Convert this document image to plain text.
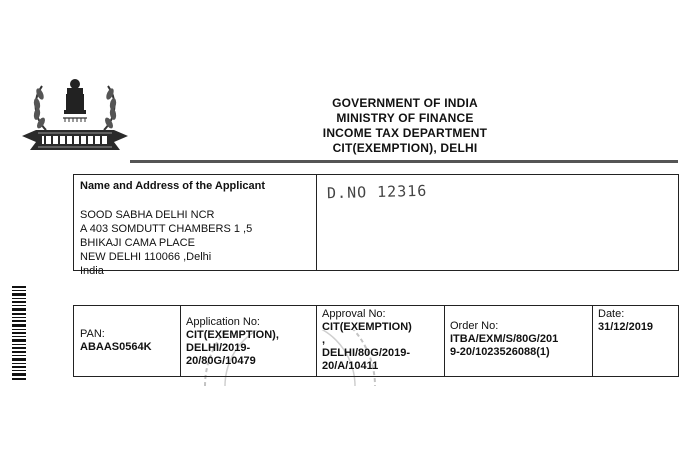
GOVERNMENT OF INDIA
MINISTRY OF FINANCE
INCOME TAX DEPARTMENT
CIT(EXEMPTION), DELHI
Name and Address of the Applicant
SOOD SABHA DELHI NCR
A 403 SOMDUTT CHAMBERS 1 ,5
BHIKAJI CAMA PLACE
NEW DELHI 110066 ,Delhi
India
D.NO 12316
PAN:
ABAAS0564K
Application No:
CIT(EXEMPTION),
DELHI/2019-
20/80G/10479
Approval No:
CIT(EXEMPTION)
,
DELHI/80G/2019-
20/A/10411
Order No:
ITBA/EXM/S/80G/201
9-20/1023526088(1)
Date:
31/12/2019
